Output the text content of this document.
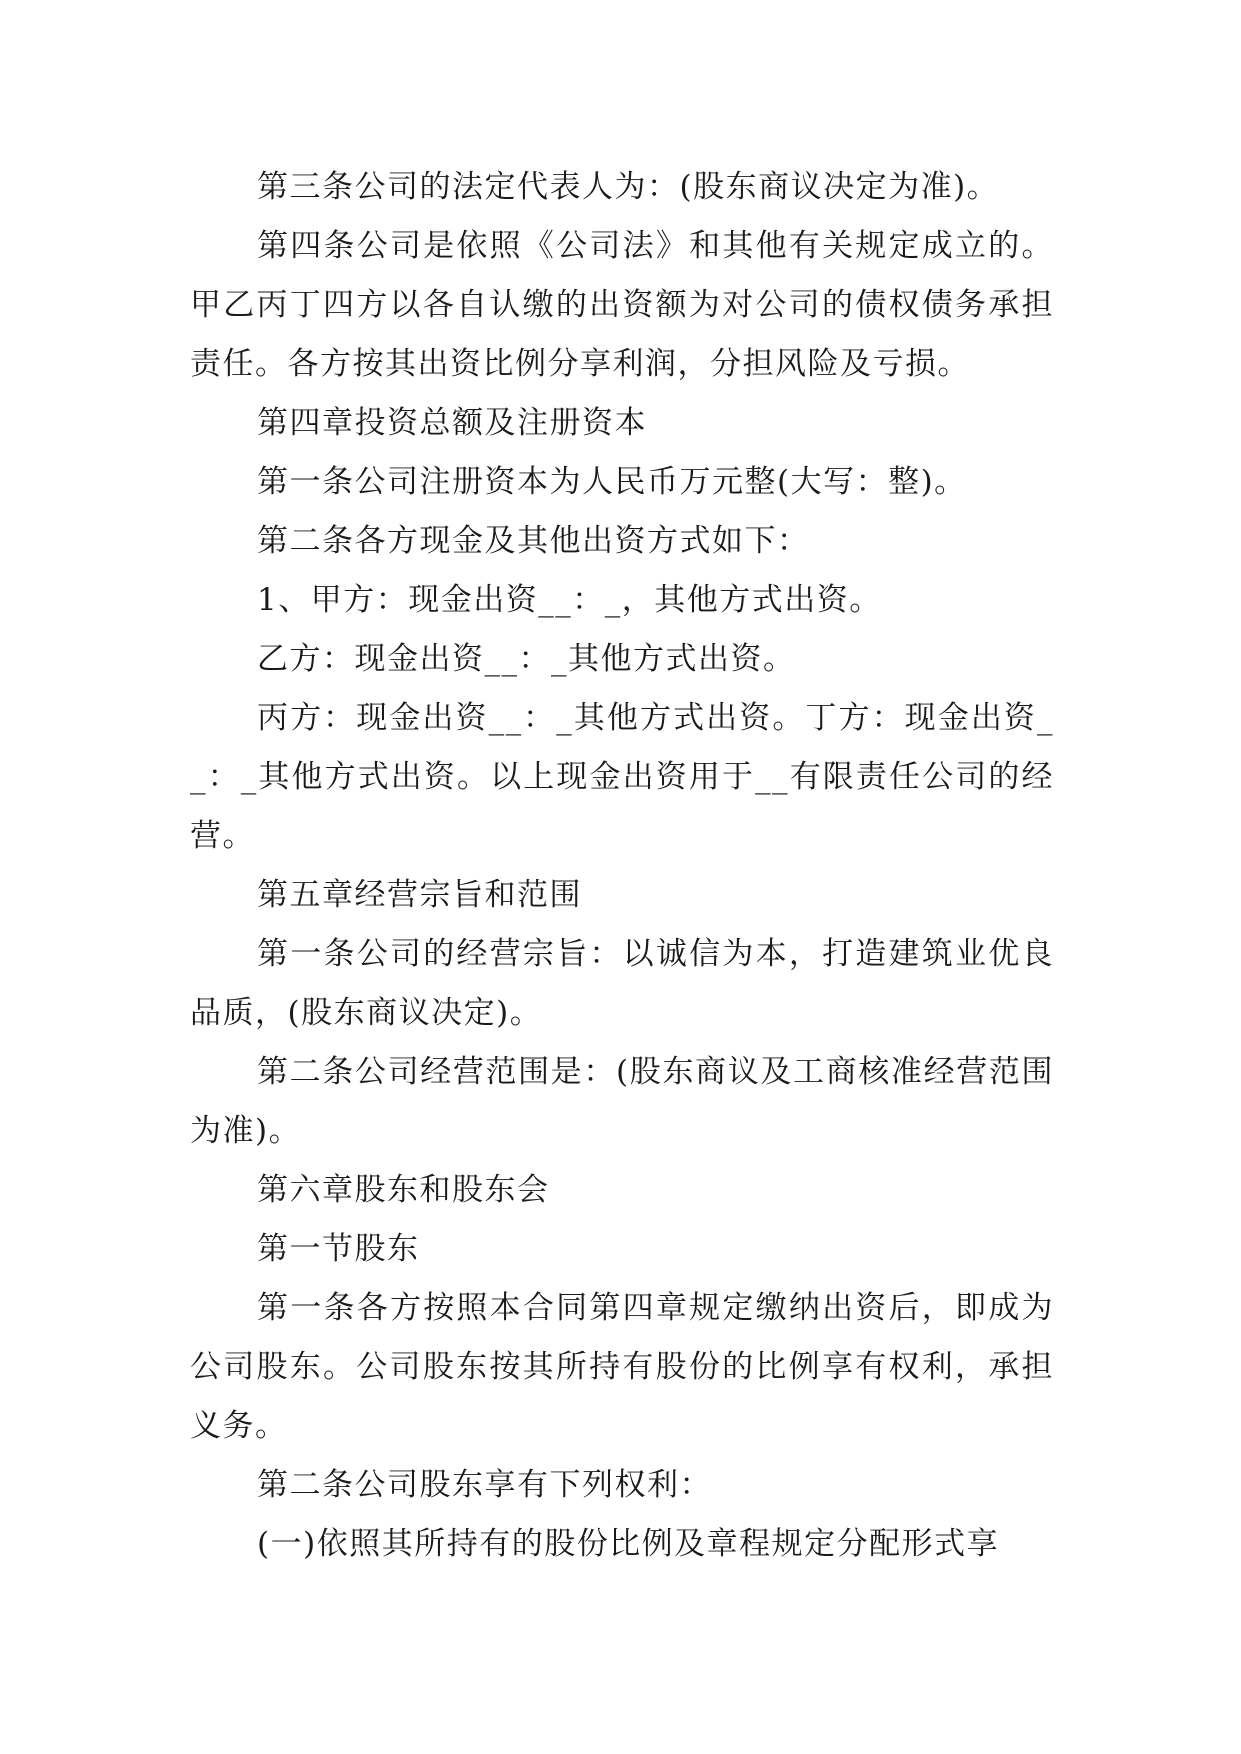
第三条公司的法定代表人为：(股东商议决定为准)。

第四条公司是依照《公司法》和其他有关规定成立的。甲乙丙丁四方以各自认缴的出资额为对公司的债权债务承担责任。各方按其出资比例分享利润，分担风险及亏损。

第四章投资总额及注册资本

第一条公司注册资本为人民币万元整(大写：整)。

第二条各方现金及其他出资方式如下：

1、甲方：现金出资__：_，其他方式出资。

乙方：现金出资__：_其他方式出资。

丙方：现金出资__：_其他方式出资。丁方：现金出资__：_其他方式出资。以上现金出资用于__有限责任公司的经营。

第五章经营宗旨和范围

第一条公司的经营宗旨：以诚信为本，打造建筑业优良品质，(股东商议决定)。

第二条公司经营范围是：(股东商议及工商核准经营范围为准)。

第六章股东和股东会

第一节股东

第一条各方按照本合同第四章规定缴纳出资后，即成为公司股东。公司股东按其所持有股份的比例享有权利，承担义务。

第二条公司股东享有下列权利：

(一)依照其所持有的股份比例及章程规定分配形式享
